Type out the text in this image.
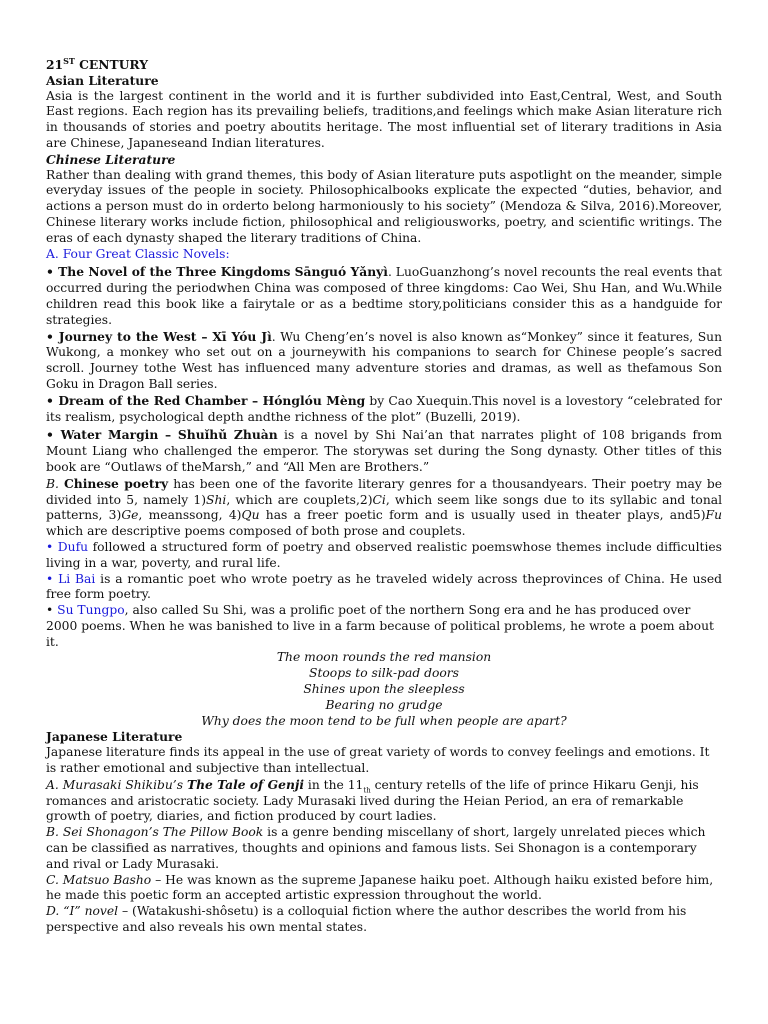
21ST CENTURY
Asian Literature

Asia is the largest continent in the world and it is further subdivided into East,Central, West, and South East regions. Each region has its prevailing beliefs, traditions,and feelings which make Asian literature rich in thousands of stories and poetry aboutits heritage. The most influential set of literary traditions in Asia are Chinese, Japaneseand Indian literatures.

Chinese Literature

Rather than dealing with grand themes, this body of Asian literature puts aspotlight on the meander, simple everyday issues of the people in society. Philosophicalbooks explicate the expected “duties, behavior, and actions a person must do in orderto belong harmoniously to his society” (Mendoza & Silva, 2016).Moreover, Chinese literary works include fiction, philosophical and religiousworks, poetry, and scientific writings. The eras of each dynasty shaped the literary traditions of China.

A. Four Great Classic Novels:

• The Novel of the Three Kingdoms Sānguó Yǎnyì. LuoGuanzhong’s novel recounts the real events that occurred during the periodwhen China was composed of three kingdoms: Cao Wei, Shu Han, and Wu.While children read this book like a fairytale or as a bedtime story,politicians consider this as a handguide for strategies.

• Journey to the West – Xī Yóu Jì. Wu Cheng’en’s novel is also known as“Monkey” since it features, Sun Wukong, a monkey who set out on a journeywith his companions to search for Chinese people’s sacred scroll. Journey tothe West has influenced many adventure stories and dramas, as well as thefamous Son Goku in Dragon Ball series.

• Dream of the Red Chamber – Hónglóu Mèng by Cao Xuequin.This novel is a lovestory “celebrated for its realism, psychological depth andthe richness of the plot” (Buzelli, 2019).

• Water Margin – Shuǐhǔ Zhuàn is a novel by Shi Nai’an that narrates plight of 108 brigands from Mount Liang who challenged the emperor. The storywas set during the Song dynasty. Other titles of this book are “Outlaws of theMarsh,” and “All Men are Brothers.”

B. Chinese poetry has been one of the favorite literary genres for a thousandyears. Their poetry may be divided into 5, namely 1)Shi, which are couplets,2)Ci, which seem like songs due to its syllabic and tonal patterns, 3)Ge, meanssong, 4)Qu has a freer poetic form and is usually used in theater plays, and5)Fu which are descriptive poems composed of both prose and couplets.

• Dufu followed a structured form of poetry and observed realistic poemswhose themes include difficulties living in a war, poverty, and rural life.

• Li Bai is a romantic poet who wrote poetry as he traveled widely across theprovinces of China. He used free form poetry.

• Su Tungpo, also called Su Shi, was a prolific poet of the northern Song era and he has produced over 2000 poems. When he was banished to live in a farm because of political problems, he wrote a poem about it.

The moon rounds the red mansion
Stoops to silk-pad doors
Shines upon the sleepless
Bearing no grudge
Why does the moon tend to be full when people are apart?
Japanese Literature

Japanese literature finds its appeal in the use of great variety of words to convey feelings and emotions. It is rather emotional and subjective than intellectual.

A. Murasaki Shikibu’s The Tale of Genji in the $11_{th}$ century retells of the life of prince Hikaru Genji, his romances and aristocratic society. Lady Murasaki lived during the Heian Period, an era of remarkable growth of poetry, diaries, and fiction produced by court ladies.

B. Sei Shonagon’s The Pillow Book is a genre bending miscellany of short, largely unrelated pieces which can be classified as narratives, thoughts and opinions and famous lists. Sei Shonagon is a contemporary and rival or Lady Murasaki.

C. Matsuo Basho – He was known as the supreme Japanese haiku poet. Although haiku existed before him, he made this poetic form an accepted artistic expression throughout the world.

D. “I” novel – (Watakushi-shôsetu) is a colloquial fiction where the author describes the world from his perspective and also reveals his own mental states.
